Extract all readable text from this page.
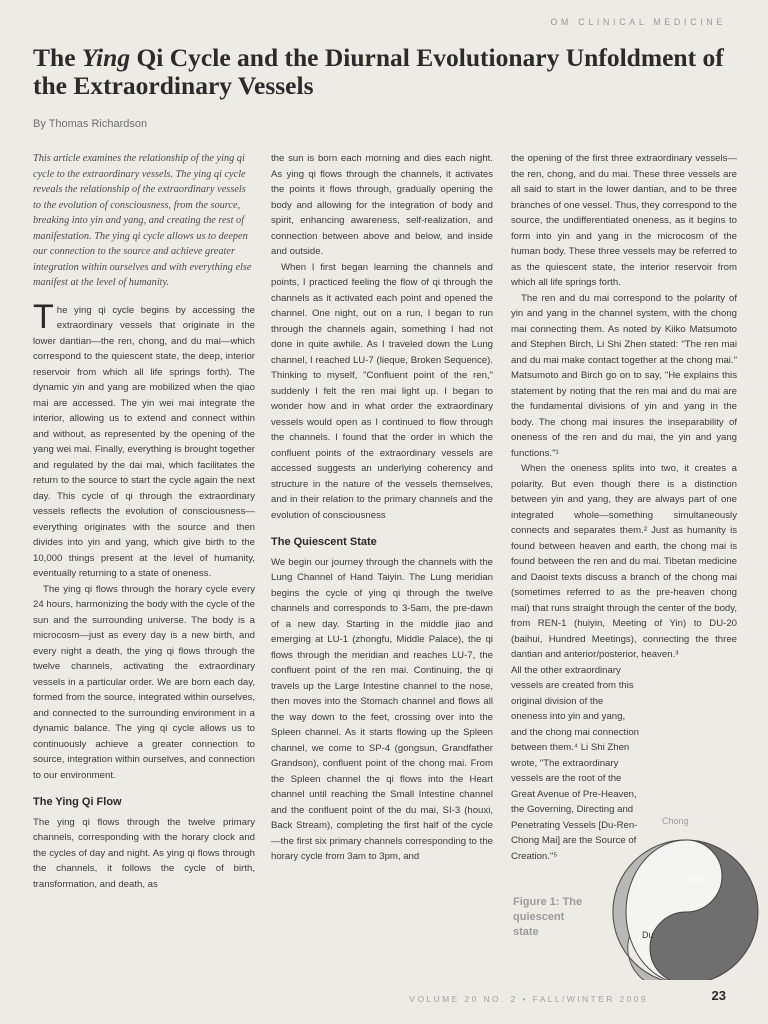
OM CLINICAL MEDICINE
The Ying Qi Cycle and the Diurnal Evolutionary Unfoldment of the Extraordinary Vessels
By Thomas Richardson

This article examines the relationship of the ying qi cycle to the extraordinary vessels. The ying qi cycle reveals the relationship of the extraordinary vessels to the evolution of consciousness, from the source, breaking into yin and yang, and creating the rest of manifestation. The ying qi cycle allows us to deepen our connection to the source and achieve greater integration within ourselves and with everything else manifest at the level of humanity.

The ying qi cycle begins by accessing the extraordinary vessels that originate in the lower dantian—the ren, chong, and du mai—which correspond to the quiescent state, the deep, interior reservoir from which all life springs forth). The dynamic yin and yang are mobilized when the qiao mai are accessed. The yin wei mai integrate the interior, allowing us to extend and connect within and without, as represented by the opening of the yang wei mai. Finally, everything is brought together and regulated by the dai mai, which facilitates the return to the source to start the cycle again the next day. This cycle of qi through the extraordinary vessels reflects the evolution of consciousness—everything originates with the source and then divides into yin and yang, which give birth to the 10,000 things present at the level of humanity, eventually returning to a state of oneness.

The ying qi flows through the horary cycle every 24 hours, harmonizing the body with the cycle of the sun and the surrounding universe. The body is a microcosm—just as every day is a new birth, and every night a death, the ying qi flows through the twelve channels, activating the extraordinary vessels in a particular order. We are born each day, formed from the source, integrated within ourselves, and connected to the surrounding environment in a dynamic balance. The ying qi cycle allows us to continuously achieve a greater connection to source, integration within ourselves, and connection to our environment.

The Ying Qi Flow

The ying qi flows through the twelve primary channels, corresponding with the horary clock and the cycles of day and night. As ying qi flows through the channels, it follows the cycle of birth, transformation, and death, as

the sun is born each morning and dies each night. As ying qi flows through the channels, it activates the points it flows through, gradually opening the body and allowing for the integration of body and spirit, enhancing awareness, self-realization, and connection between above and below, and inside and outside.

When I first began learning the channels and points, I practiced feeling the flow of qi through the channels as it activated each point and opened the channel. One night, out on a run, I began to run through the channels again, something I had not done in quite awhile. As I traveled down the Lung channel, I reached LU-7 (lieque, Broken Sequence). Thinking to myself, "Confluent point of the ren," suddenly I felt the ren mai light up. I began to wonder how and in what order the extraordinary vessels would open as I continued to flow through the channels. I found that the order in which the confluent points of the extraordinary vessels are accessed suggests an underlying coherency and structure in the nature of the vessels themselves, and in their relation to the primary channels and the evolution of consciousness

The Quiescent State

We begin our journey through the channels with the Lung Channel of Hand Taiyin. The Lung meridian begins the cycle of ying qi through the twelve channels and corresponds to 3-5am, the pre-dawn of a new day. Starting in the middle jiao and emerging at LU-1 (zhongfu, Middle Palace), the qi flows through the meridian and reaches LU-7, the confluent point of the ren mai. Continuing, the qi travels up the Large Intestine channel to the nose, then moves into the Stomach channel and flows all the way down to the feet, crossing over into the Spleen channel. As it starts flowing up the Spleen channel, we come to SP-4 (gongsun, Grandfather Grandson), confluent point of the chong mai. From the Spleen channel the qi flows into the Heart channel until reaching the Small Intestine channel and the confluent point of the du mai, SI-3 (houxi, Back Stream), completing the first half of the cycle—the first six primary channels corresponding to the horary cycle from 3am to 3pm, and

the opening of the first three extraordinary vessels—the ren, chong, and du mai. These three vessels are all said to start in the lower dantian, and to be three branches of one vessel. Thus, they correspond to the source, the undifferentiated oneness, as it begins to form into yin and yang in the microcosm of the human body. These three vessels may be referred to as the quiescent state, the interior reservoir from which all life springs forth.

The ren and du mai correspond to the polarity of yin and yang in the channel system, with the chong mai connecting them. As noted by Kiiko Matsumoto and Stephen Birch, Li Shi Zhen stated: "The ren mai and du mai make contact together at the chong mai." Matsumoto and Birch go on to say, "He explains this statement by noting that the ren mai and du mai are the fundamental divisions of yin and yang in the body. The chong mai insures the inseparability of oneness of the ren and du mai, the yin and yang functions."¹

When the oneness splits into two, it creates a polarity. But even though there is a distinction between yin and yang, they are always part of one integrated whole—something simultaneously connects and separates them.² Just as humanity is found between heaven and earth, the chong mai is found between the ren and du mai. Tibetan medicine and Daoist texts discuss a branch of the chong mai (sometimes referred to as the pre-heaven chong mai) that runs straight through the center of the body, from REN-1 (huiyin, Meeting of Yin) to DU-20 (baihui, Hundred Meetings), connecting the three dantian and anterior/posterior, heaven.³

All the other extraordinary vessels are created from this original division of the oneness into yin and yang, and the chong mai connection between them.⁴ Li Shi Zhen wrote, "The extraordinary vessels are the root of the Great Avenue of Pre-Heaven, the Governing, Directing and Penetrating Vessels [Du-Ren-Chong Mai] are the Source of Creation."⁵

Figure 1: The quiescent state
Chong
Ren
Du
VOLUME 20 NO. 2 • FALL/WINTER 2009	23
